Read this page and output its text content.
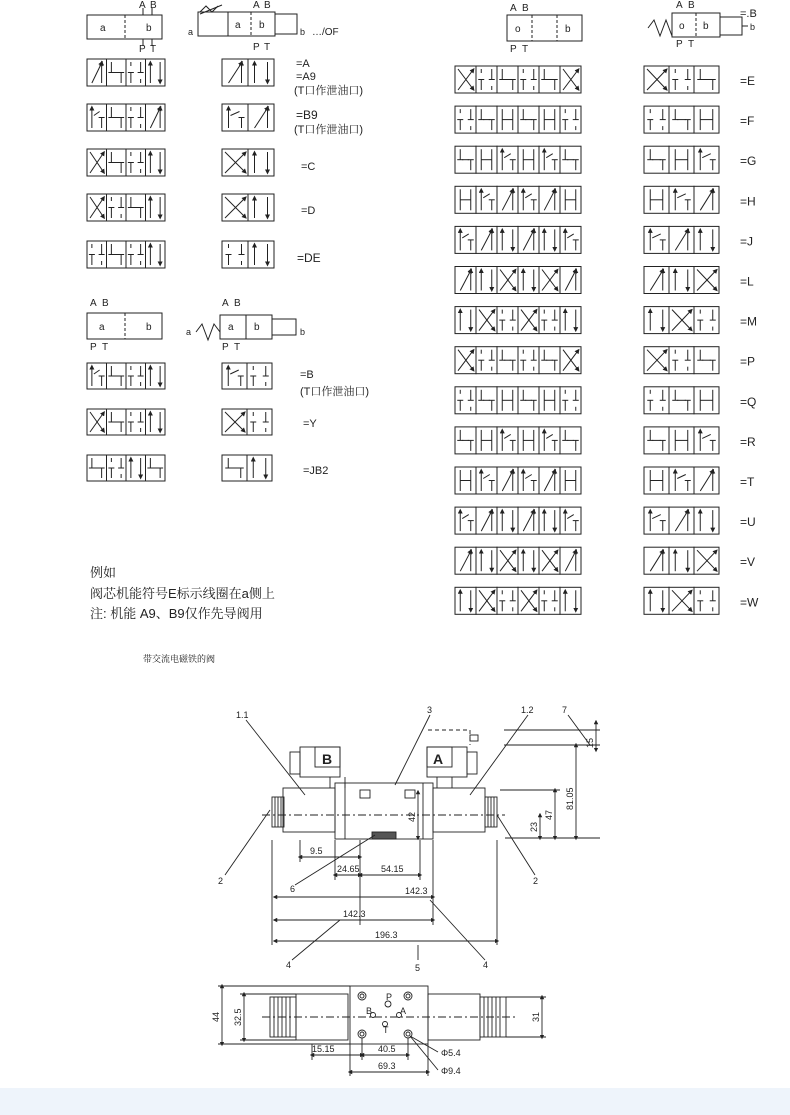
a	b
A B
P T
a
a b
b …/OF
A B
P T
o	b
A B
P T
o b	b
=.B
A B
P T
A B
P T
a	b
A B
P T
a	a b	b
=A
=A9
(T口作泄油口)
=B9
(T口作泄油口)
=C
=D
=DE
=B
(T口作泄油口)
=Y
=JB2
=E
=F
=G
=H
=J
=L
=M
=P
=Q
=R
=T
=U
=V
=W
带交流电磁铁的阀
B	A
1.1	3	1.2	7
2	2
6
4	4
5
15
81.05
47
23
42
9.5
24.65 54.15
142.3
142.3
196.3
44 32.5	31
15.15	40.5
69.3
Φ5.4
Φ9.4
P
B	A
T
例如
阀芯机能符号E标示线圈在a侧上
注: 机能 A9、B9仅作先导阀用
